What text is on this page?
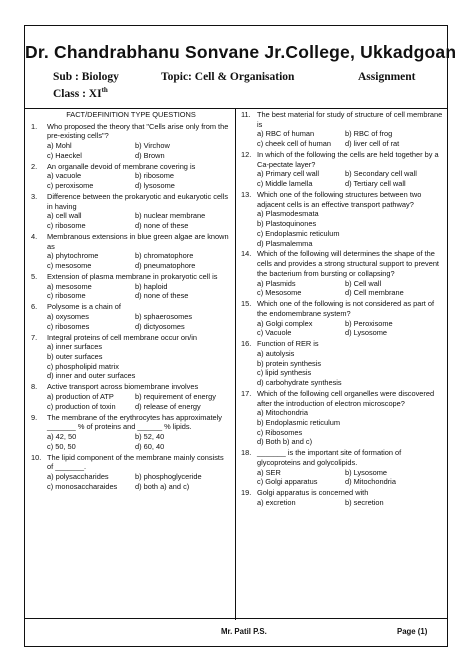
Dr. Chandrabhanu Sonvane Jr.College, Ukkadgoan
Sub : Biology	Topic: Cell & Organisation	Assignment
Class : XIth
FACT/DEFINITION TYPE QUESTIONS
1.	Who proposed the theory that "Cells arise only from the pre-existing cells"?
a) Mohl	b) Virchow
c) Haeckel	d) Brown
2.	An organalle devoid of membrane covering is
a) vacuole	b) ribosome
c) peroxisome	d) lysosome
3.	Difference between the prokaryotic and eukaryotic cells in having
a) cell wall	b) nuclear membrane
c) ribosome	d) none of these
4.	Membranous extensions in blue green algae are known as
a) phytochrome	b) chromatophore
c) mesosome	d) pneumatophore
5.	Extension of plasma membrane in prokaryotic cell is
a) mesosome	b) haploid
c) ribosome	d) none of these
6.	Polysome is a chain of
a) oxysomes	b) sphaerosomes
c) ribosomes	d) dictyosomes
7.	Integral proteins of cell membrane occur on/in
a) inner surfaces
b) outer surfaces
c) phospholipid matrix
d) inner and outer surfaces
8.	Active transport across biomembrane involves
a) production of ATP	b) requirement of energy
c) production of toxin	d) release of energy
9.	The membrane of the erythrocytes has approximately _______ % of proteins and ______ % lipids.
a) 42, 50	b) 52, 40
c) 50, 50	d) 60, 40
10. The lipid component of the membrane mainly consists of _______.
a) polysaccharides	b) phosphoglyceride
c) monosaccharaides	d) both a) and c)
11. The best material for study of structure of cell membrane is
a) RBC of human	b) RBC of frog
c) cheek cell of human	d) liver cell of rat
12. In which of the following the cells are held together by a Ca-pectate layer?
a) Primary cell wall	b) Secondary cell wall
c) Middle lamella	d) Tertiary cell wall
13. Which one of the following structures between two adjacent cells is an effective transport pathway?
a) Plasmodesmata
b) Plastoquinones
c) Endoplasmic reticulum
d) Plasmalemma
14. Which of the following will determines the shape of the cells and provides a strong structural support to prevent the bacterium from bursting or collapsing?
a) Plasmids	b) Cell wall
c) Mesosome	d) Cell membrane
15. Which one of the following is not considered as part of the endomembrane system?
a) Golgi complex	b) Peroxisome
c) Vacuole	d) Lysosome
16. Function of RER is
a) autolysis
b) protein synthesis
c) lipid synthesis
d) carbohydrate synthesis
17. Which of the following cell organelles were discovered after the introduction of electron microscope?
a) Mitochondria
b) Endoplasmic reticulum
c) Ribosomes
d) Both b) and c)
18. _______ is the important site of formation of glycoproteins and golycolipids.
a) SER	b) Lysosome
c) Golgi apparatus	d) Mitochondria
19. Golgi apparatus is concerned with
a) excretion	b) secretion
Mr. Patil P.S.	Page (1)
